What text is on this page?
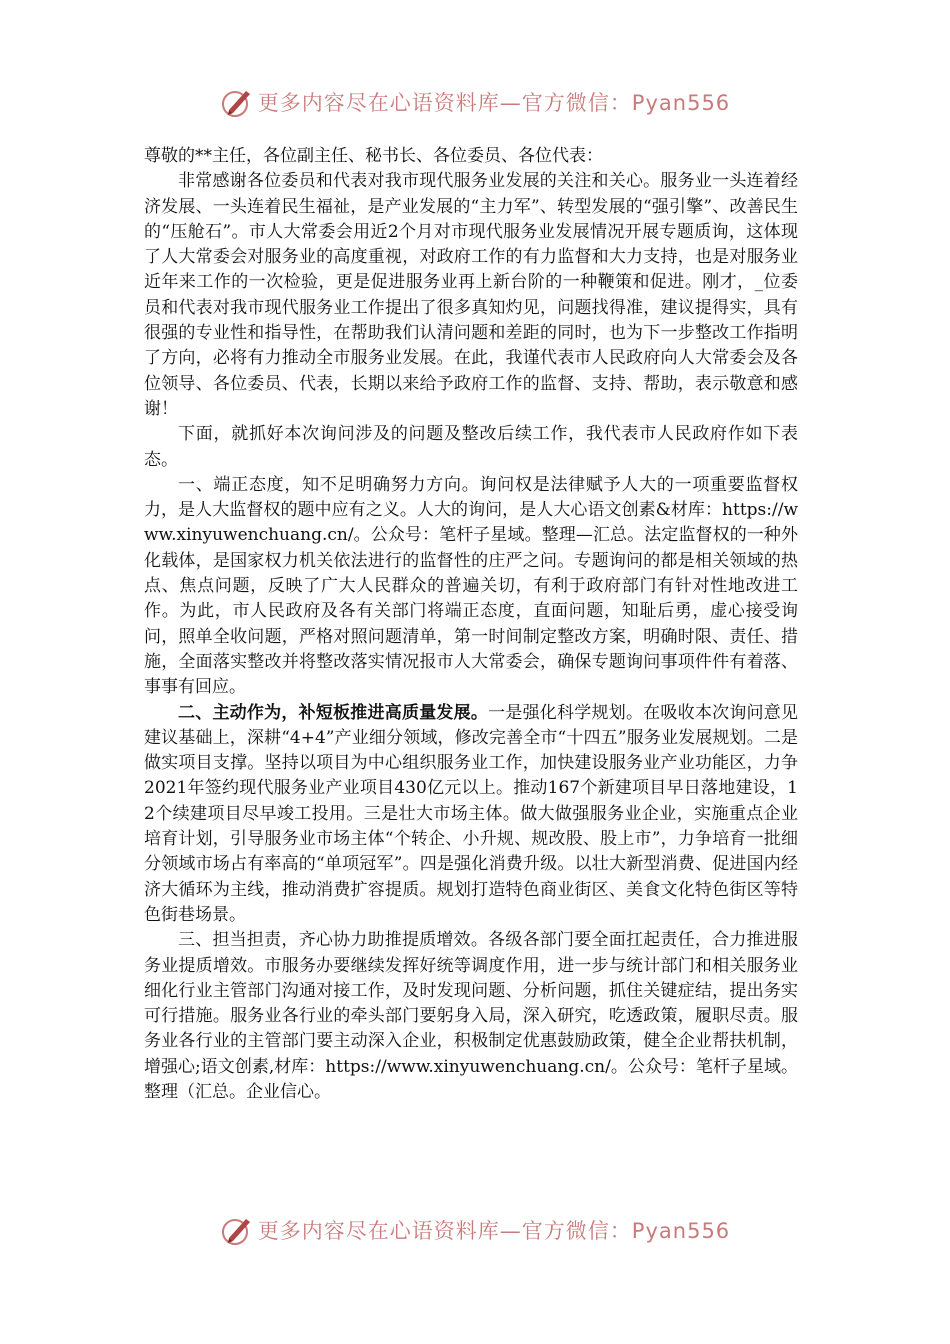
更多内容尽在心语资料库—官方微信：Pyan556

尊敬的**主任，各位副主任、秘书长、各位委员、各位代表：

非常感谢各位委员和代表对我市现代服务业发展的关注和关心。服务业一头连着经济发展、一头连着民生福祉，是产业发展的“主力军”、转型发展的“强引擎”、改善民生的“压舱石”。市人大常委会用近2个月对市现代服务业发展情况开展专题质询，这体现了人大常委会对服务业的高度重视，对政府工作的有力监督和大力支持，也是对服务业近年来工作的一次检验，更是促进服务业再上新台阶的一种鞭策和促进。刚才，_位委员和代表对我市现代服务业工作提出了很多真知灼见，问题找得准，建议提得实，具有很强的专业性和指导性，在帮助我们认清问题和差距的同时，也为下一步整改工作指明了方向，必将有力推动全市服务业发展。在此，我谨代表市人民政府向人大常委会及各位领导、各位委员、代表，长期以来给予政府工作的监督、支持、帮助，表示敬意和感谢！

下面，就抓好本次询问涉及的问题及整改后续工作，我代表市人民政府作如下表态。

一、端正态度，知不足明确努力方向。询问权是法律赋予人大的一项重要监督权力，是人大监督权的题中应有之义。人大的询问，是人大心语文创素&材库：https://www.xinyuwenchuang.cn/。公众号：笔杆子星域。整理—汇总。法定监督权的一种外化载体，是国家权力机关依法进行的监督性的庄严之问。专题询问的都是相关领域的热点、焦点问题，反映了广大人民群众的普遍关切，有利于政府部门有针对性地改进工作。为此，市人民政府及各有关部门将端正态度，直面问题，知耻后勇，虚心接受询问，照单全收问题，严格对照问题清单，第一时间制定整改方案，明确时限、责任、措施，全面落实整改并将整改落实情况报市人大常委会，确保专题询问事项件件有着落、事事有回应。

二、主动作为，补短板推进高质量发展。一是强化科学规划。在吸收本次询问意见建议基础上，深耕“4+4”产业细分领域，修改完善全市“十四五”服务业发展规划。二是做实项目支撑。坚持以项目为中心组织服务业工作，加快建设服务业产业功能区，力争2021年签约现代服务业产业项目430亿元以上。推动167个新建项目早日落地建设，12个续建项目尽早竣工投用。三是壮大市场主体。做大做强服务业企业，实施重点企业培育计划，引导服务业市场主体“个转企、小升规、规改股、股上市”，力争培育一批细分领域市场占有率高的“单项冠军”。四是强化消费升级。以壮大新型消费、促进国内经济大循环为主线，推动消费扩容提质。规划打造特色商业街区、美食文化特色街区等特色街巷场景。

三、担当担责，齐心协力助推提质增效。各级各部门要全面扛起责任，合力推进服务业提质增效。市服务办要继续发挥好统等调度作用，进一步与统计部门和相关服务业细化行业主管部门沟通对接工作，及时发现问题、分析问题，抓住关键症结，提出务实可行措施。服务业各行业的牵头部门要躬身入局，深入研究，吃透政策，履职尽责。服务业各行业的主管部门要主动深入企业，积极制定优惠鼓励政策，健全企业帮扶机制，增强心;语文创素,材库：https://www.xinyuwenchuang.cn/。公众号：笔杆子星域。整理（汇总。企业信心。

更多内容尽在心语资料库—官方微信：Pyan556
